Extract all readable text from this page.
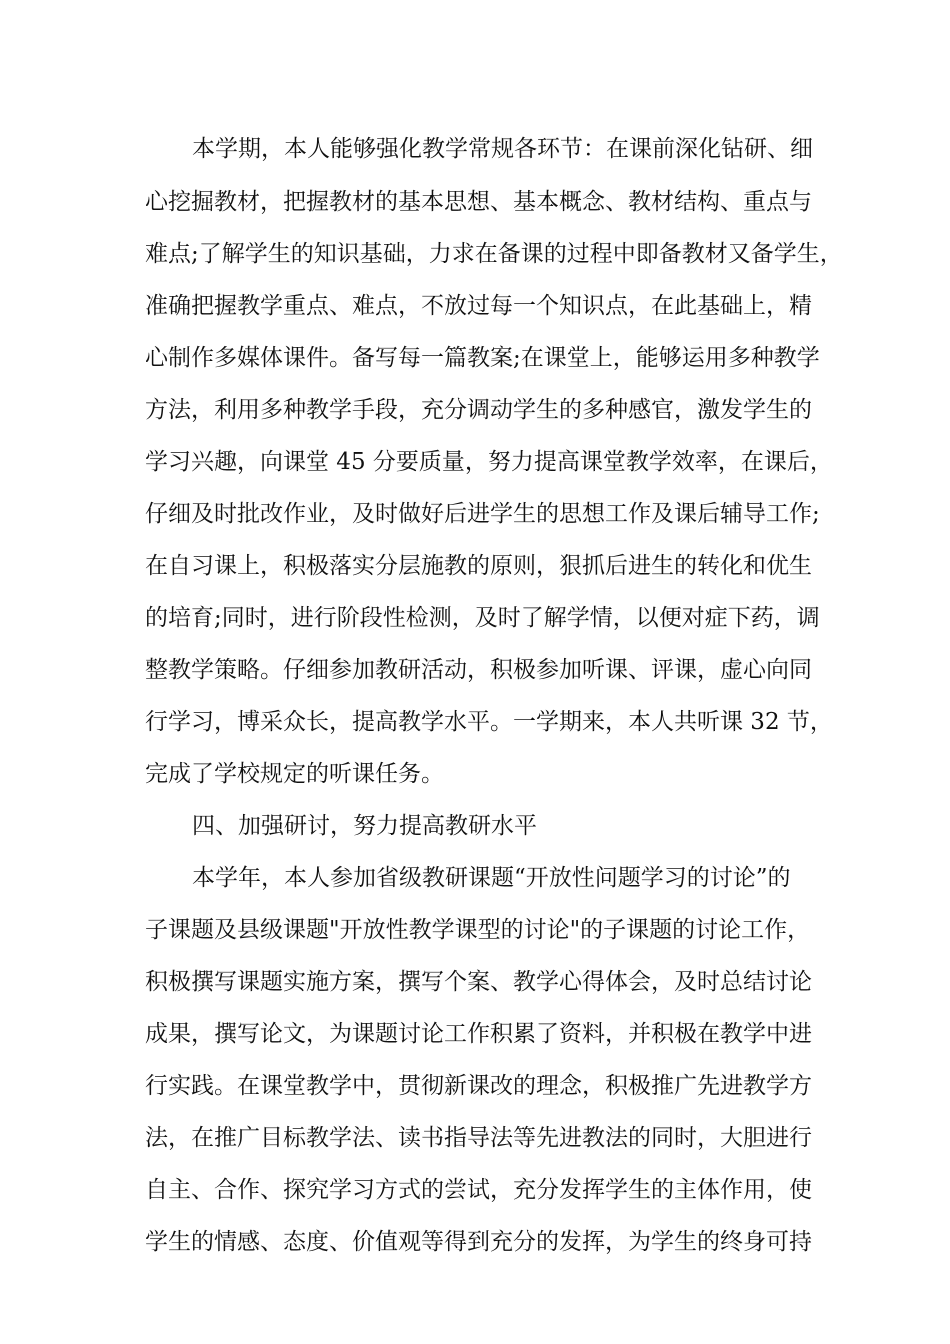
本学期，本人能够强化教学常规各环节：在课前深化钻研、细
心挖掘教材，把握教材的基本思想、基本概念、教材结构、重点与
难点;了解学生的知识基础，力求在备课的过程中即备教材又备学生，
准确把握教学重点、难点，不放过每一个知识点，在此基础上，精
心制作多媒体课件。备写每一篇教案;在课堂上，能够运用多种教学
方法，利用多种教学手段，充分调动学生的多种感官，激发学生的
学习兴趣，向课堂 45 分要质量，努力提高课堂教学效率，在课后，
仔细及时批改作业，及时做好后进学生的思想工作及课后辅导工作;
在自习课上，积极落实分层施教的原则，狠抓后进生的转化和优生
的培育;同时，进行阶段性检测，及时了解学情，以便对症下药，调
整教学策略。仔细参加教研活动，积极参加听课、评课，虚心向同
行学习，博采众长，提高教学水平。一学期来，本人共听课 32 节，
完成了学校规定的听课任务。
四、加强研讨，努力提高教研水平
本学年，本人参加省级教研课题“开放性问题学习的讨论”的
子课题及县级课题"开放性教学课型的讨论"的子课题的讨论工作，
积极撰写课题实施方案，撰写个案、教学心得体会，及时总结讨论
成果，撰写论文，为课题讨论工作积累了资料，并积极在教学中进
行实践。在课堂教学中，贯彻新课改的理念，积极推广先进教学方
法，在推广目标教学法、读书指导法等先进教法的同时，大胆进行
自主、合作、探究学习方式的尝试，充分发挥学生的主体作用，使
学生的情感、态度、价值观等得到充分的发挥，为学生的终身可持
